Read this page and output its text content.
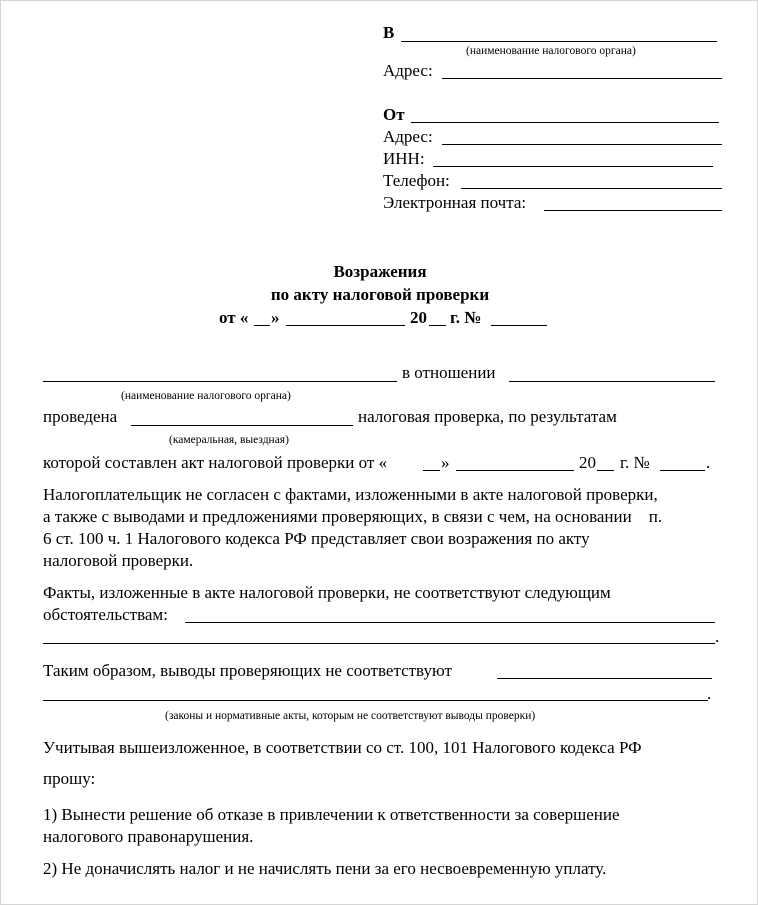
В
(наименование налогового органа)
Адрес:
От
Адрес:
ИНН:
Телефон:
Электронная почта:
Возражения
по акту налоговой проверки
от « »	20 г. №
в отношении
(наименование налогового органа)
проведена	налоговая проверка, по результатам
(камеральная, выездная)
которой составлен акт налоговой проверки от «	»	20 г. №	.
Налогоплательщик не согласен с фактами, изложенными в акте налоговой проверки,
а также с выводами и предложениями проверяющих, в связи с чем, на основании    п.
6 ст. 100 ч. 1 Налогового кодекса РФ представляет свои возражения по акту
налоговой проверки.
Факты, изложенные в акте налоговой проверки, не соответствуют следующим
обстоятельствам:
.
Таким образом, выводы проверяющих не соответствуют
.
(законы и нормативные акты, которым не соответствуют выводы проверки)
Учитывая вышеизложенное, в соответствии со ст. 100, 101 Налогового кодекса РФ
прошу:
1) Вынести решение об отказе в привлечении к ответственности за совершение
налогового правонарушения.
2) Не доначислять налог и не начислять пени за его несвоевременную уплату.
